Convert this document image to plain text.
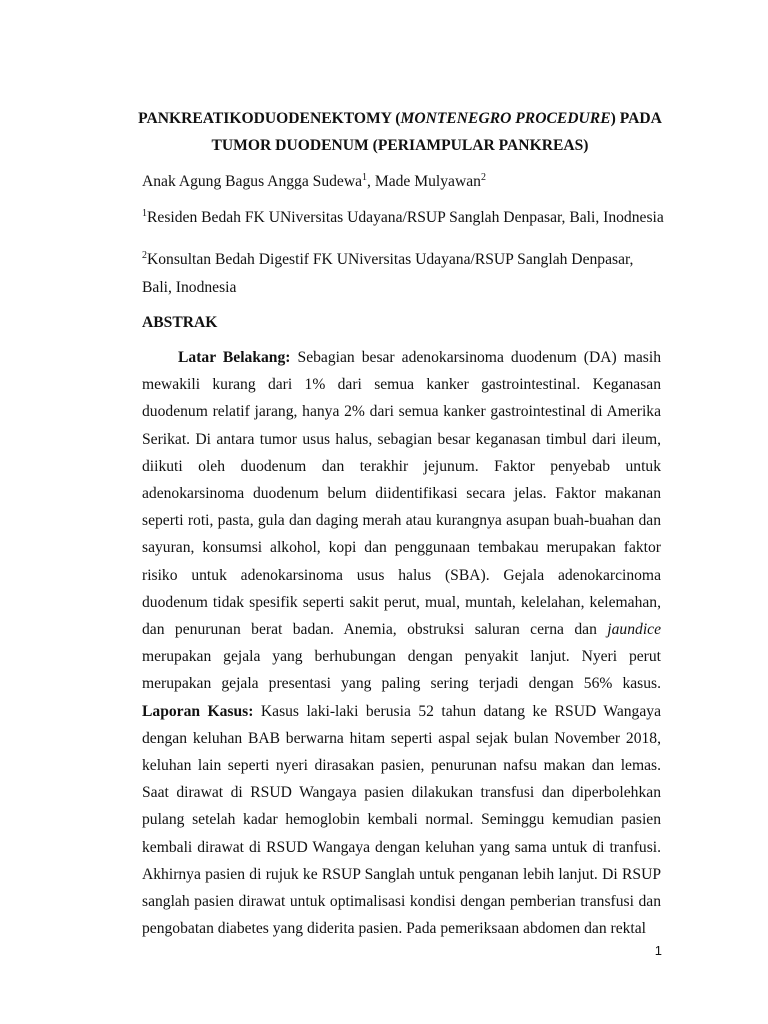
PANKREATIKODUODENEKTOMY (MONTENEGRO PROCEDURE) PADA
TUMOR DUODENUM (PERIAMPULAR PANKREAS)
Anak Agung Bagus Angga Sudewa$^1$, Made Mulyawan$^2$
$^1$Residen Bedah FK UNiversitas Udayana/RSUP Sanglah Denpasar, Bali, Inodnesia
$^2$Konsultan Bedah Digestif FK UNiversitas Udayana/RSUP Sanglah Denpasar, Bali, Inodnesia
ABSTRAK
Latar Belakang: Sebagian besar adenokarsinoma duodenum (DA) masih mewakili kurang dari 1% dari semua kanker gastrointestinal. Keganasan duodenum relatif jarang, hanya 2% dari semua kanker gastrointestinal di Amerika Serikat. Di antara tumor usus halus, sebagian besar keganasan timbul dari ileum, diikuti oleh duodenum dan terakhir jejunum. Faktor penyebab untuk adenokarsinoma duodenum belum diidentifikasi secara jelas. Faktor makanan seperti roti, pasta, gula dan daging merah atau kurangnya asupan buah-buahan dan sayuran, konsumsi alkohol, kopi dan penggunaan tembakau merupakan faktor risiko untuk adenokarsinoma usus halus (SBA). Gejala adenokarcinoma duodenum tidak spesifik seperti sakit perut, mual, muntah, kelelahan, kelemahan, dan penurunan berat badan. Anemia, obstruksi saluran cerna dan jaundice merupakan gejala yang berhubungan dengan penyakit lanjut. Nyeri perut merupakan gejala presentasi yang paling sering terjadi dengan 56% kasus. Laporan Kasus: Kasus laki-laki berusia 52 tahun datang ke RSUD Wangaya dengan keluhan BAB berwarna hitam seperti aspal sejak bulan November 2018, keluhan lain seperti nyeri dirasakan pasien, penurunan nafsu makan dan lemas. Saat dirawat di RSUD Wangaya pasien dilakukan transfusi dan diperbolehkan pulang setelah kadar hemoglobin kembali normal. Seminggu kemudian pasien kembali dirawat di RSUD Wangaya dengan keluhan yang sama untuk di tranfusi. Akhirnya pasien di rujuk ke RSUP Sanglah untuk penganan lebih lanjut. Di RSUP sanglah pasien dirawat untuk optimalisasi kondisi dengan pemberian transfusi dan pengobatan diabetes yang diderita pasien. Pada pemeriksaan abdomen dan rektal
1
